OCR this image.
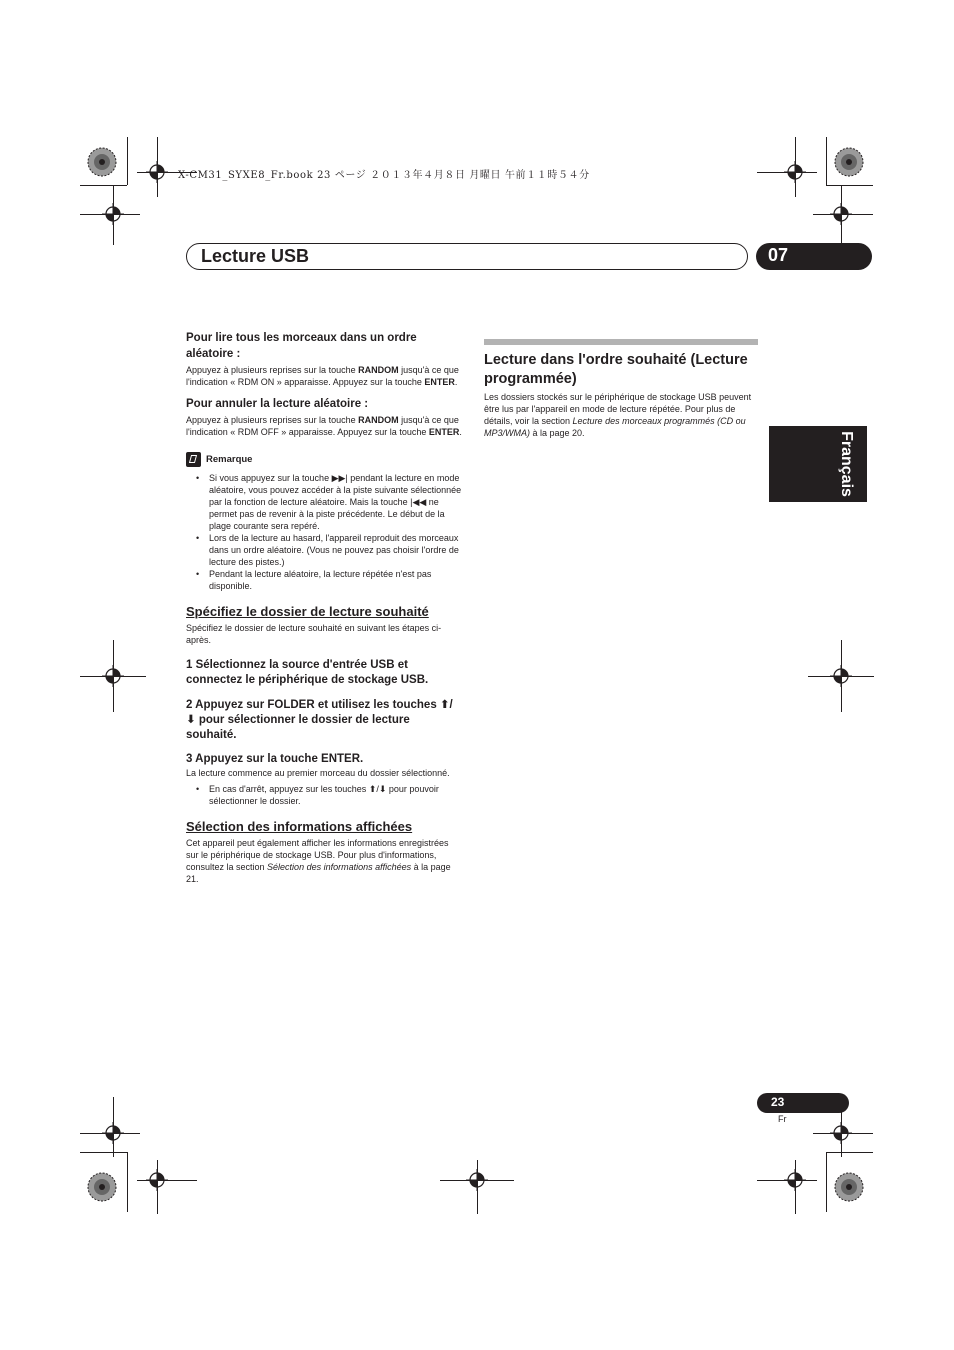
X-CM31_SYXE8_Fr.book 23 ページ ２０１３年４月８日 月曜日 午前１１時５４分
Lecture USB	07
Français

Pour lire tous les morceaux dans un ordre aléatoire :

Appuyez à plusieurs reprises sur la touche RANDOM jusqu'à ce que l'indication « RDM ON » apparaisse. Appuyez sur la touche ENTER.

Pour annuler la lecture aléatoire :

Appuyez à plusieurs reprises sur la touche RANDOM jusqu'à ce que l'indication « RDM OFF » apparaisse. Appuyez sur la touche ENTER.

Remarque
• Si vous appuyez sur la touche ▶▶| pendant la lecture en mode aléatoire, vous pouvez accéder à la piste suivante sélectionnée par la fonction de lecture aléatoire. Mais la touche |◀◀ ne permet pas de revenir à la piste précédente. Le début de la plage courante sera repéré.
• Lors de la lecture au hasard, l'appareil reproduit des morceaux dans un ordre aléatoire. (Vous ne pouvez pas choisir l'ordre de lecture des pistes.)
• Pendant la lecture aléatoire, la lecture répétée n'est pas disponible.

Spécifiez le dossier de lecture souhaité

Spécifiez le dossier de lecture souhaité en suivant les étapes ci-après.

1 Sélectionnez la source d'entrée USB et connectez le périphérique de stockage USB.

2 Appuyez sur FOLDER et utilisez les touches ⬆/⬇ pour sélectionner le dossier de lecture souhaité.

3 Appuyez sur la touche ENTER.

La lecture commence au premier morceau du dossier sélectionné.

• En cas d'arrêt, appuyez sur les touches ⬆/⬇ pour pouvoir sélectionner le dossier.

Sélection des informations affichées

Cet appareil peut également afficher les informations enregistrées sur le périphérique de stockage USB. Pour plus d'informations, consultez la section Sélection des informations affichées à la page 21.

Lecture dans l'ordre souhaité (Lecture programmée)

Les dossiers stockés sur le périphérique de stockage USB peuvent être lus par l'appareil en mode de lecture répétée. Pour plus de détails, voir la section Lecture des morceaux programmés (CD ou MP3/WMA) à la page 20.

23
Fr
